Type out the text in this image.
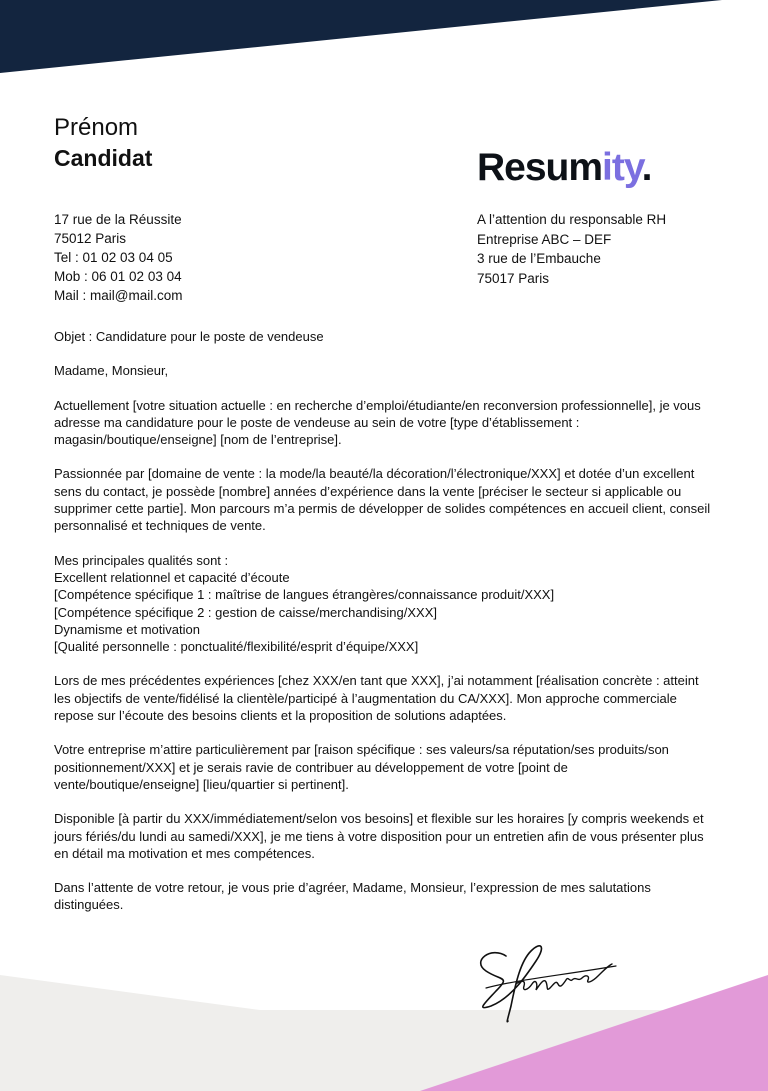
Prénom
Candidat	Resumity.
17 rue de la Réussite
75012 Paris
Tel : 01 02 03 04 05
Mob : 06 01 02 03 04
Mail : mail@mail.com
A l’attention du responsable RH
Entreprise ABC – DEF
3 rue de l’Embauche
75017 Paris

Objet : Candidature pour le poste de vendeuse

Madame, Monsieur,

Actuellement [votre situation actuelle : en recherche d’emploi/étudiante/en reconversion professionnelle], je vous adresse ma candidature pour le poste de vendeuse au sein de votre [type d’établissement : magasin/boutique/enseigne] [nom de l’entreprise].

Passionnée par [domaine de vente : la mode/la beauté/la décoration/l’électronique/XXX] et dotée d’un excellent sens du contact, je possède [nombre] années d’expérience dans la vente [préciser le secteur si applicable ou supprimer cette partie]. Mon parcours m’a permis de développer de solides compétences en accueil client, conseil personnalisé et techniques de vente.

Mes principales qualités sont :

Excellent relationnel et capacité d’écoute
[Compétence spécifique 1 : maîtrise de langues étrangères/connaissance produit/XXX]
[Compétence spécifique 2 : gestion de caisse/merchandising/XXX]
Dynamisme et motivation
[Qualité personnelle : ponctualité/flexibilité/esprit d’équipe/XXX]

Lors de mes précédentes expériences [chez XXX/en tant que XXX], j’ai notamment [réalisation concrète : atteint les objectifs de vente/fidélisé la clientèle/participé à l’augmentation du CA/XXX]. Mon approche commerciale repose sur l’écoute des besoins clients et la proposition de solutions adaptées.

Votre entreprise m’attire particulièrement par [raison spécifique : ses valeurs/sa réputation/ses produits/son positionnement/XXX] et je serais ravie de contribuer au développement de votre [point de vente/boutique/enseigne] [lieu/quartier si pertinent].

Disponible [à partir du XXX/immédiatement/selon vos besoins] et flexible sur les horaires [y compris weekends et jours fériés/du lundi au samedi/XXX], je me tiens à votre disposition pour un entretien afin de vous présenter plus en détail ma motivation et mes compétences.

Dans l’attente de votre retour, je vous prie d’agréer, Madame, Monsieur, l’expression de mes salutations distinguées.
